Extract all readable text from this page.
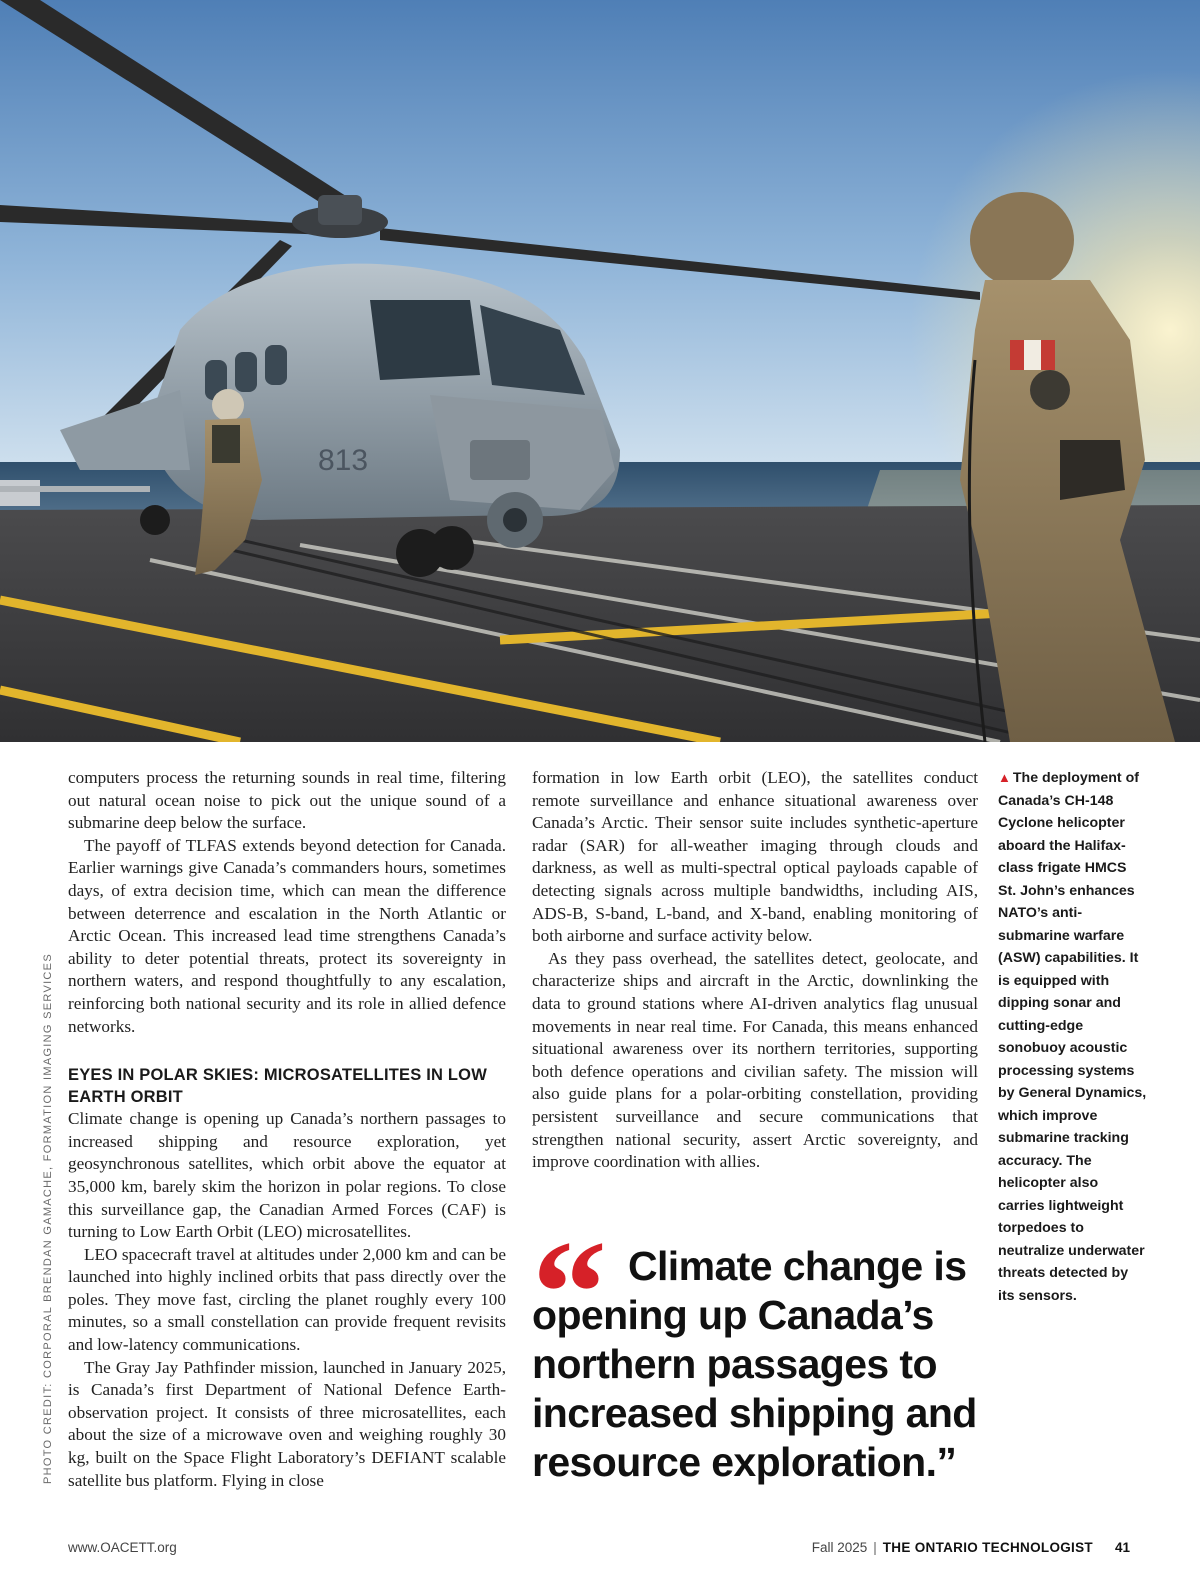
813
PHOTO CREDIT: CORPORAL BRENDAN GAMACHE, FORMATION IMAGING SERVICES

computers process the returning sounds in real time, filtering out natural ocean noise to pick out the unique sound of a submarine deep below the surface.

The payoff of TLFAS extends beyond detection for Canada. Earlier warnings give Canada’s commanders hours, sometimes days, of extra decision time, which can mean the difference between deterrence and escalation in the North Atlantic or Arctic Ocean. This increased lead time strengthens Canada’s ability to deter potential threats, protect its sovereignty in northern waters, and respond thoughtfully to any escalation, reinforcing both national security and its role in allied defence networks.

EYES IN POLAR SKIES: MICROSATELLITES IN LOW EARTH ORBIT

Climate change is opening up Canada’s northern passages to increased shipping and resource exploration, yet geosynchronous satellites, which orbit above the equator at 35,000 km, barely skim the horizon in polar regions. To close this surveillance gap, the Canadian Armed Forces (CAF) is turning to Low Earth Orbit (LEO) microsatellites.

LEO spacecraft travel at altitudes under 2,000 km and can be launched into highly inclined orbits that pass directly over the poles. They move fast, circling the planet roughly every 100 minutes, so a small constellation can provide frequent revisits and low-latency communications.

The Gray Jay Pathfinder mission, launched in January 2025, is Canada’s first Department of National Defence Earth-observation project. It consists of three microsatellites, each about the size of a microwave oven and weighing roughly 30 kg, built on the Space Flight Laboratory’s DEFIANT scalable satellite bus platform. Flying in close

formation in low Earth orbit (LEO), the satellites conduct remote surveillance and enhance situational awareness over Canada’s Arctic. Their sensor suite includes synthetic-aperture radar (SAR) for all-weather imaging through clouds and darkness, as well as multi-spectral optical payloads capable of detecting signals across multiple bandwidths, including AIS, ADS-B, S-band, L-band, and X-band, enabling monitoring of both airborne and surface activity below.

As they pass overhead, the satellites detect, geolocate, and characterize ships and aircraft in the Arctic, downlinking the data to ground stations where AI-driven analytics flag unusual movements in near real time. For Canada, this means enhanced situational awareness over its northern territories, supporting both defence operations and civilian safety. The mission will also guide plans for a polar-orbiting constellation, providing persistent surveillance and secure communications that strengthen national security, assert Arctic sovereignty, and improve coordination with allies.

“ Climate change is opening up Canada’s northern passages to increased shipping and resource exploration.”

▲ The deployment of Canada’s CH-148 Cyclone helicopter aboard the Halifax-class frigate HMCS St. John’s enhances NATO’s anti-submarine warfare (ASW) capabilities. It is equipped with dipping sonar and cutting-edge sonobuoy acoustic processing systems by General Dynamics, which improve submarine tracking accuracy. The helicopter also carries lightweight torpedoes to neutralize underwater threats detected by its sensors.
www.OACETT.org	Fall 2025 | THE ONTARIO TECHNOLOGIST 41
